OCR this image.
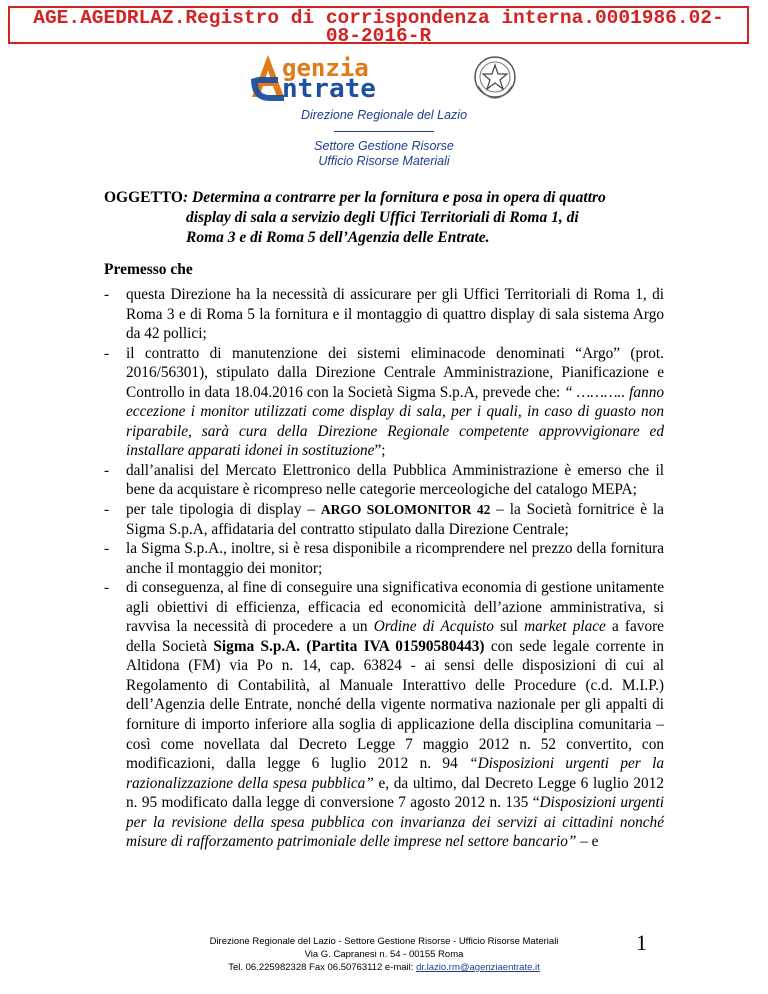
AGE.AGEDRLAZ.Registro di corrispondenza interna.0001986.02-
08-2016-R
genzia
ntrate
Direzione Regionale del Lazio
Settore Gestione Risorse
Ufficio Risorse Materiali
OGGETTO: Determina a contrarre per la fornitura e posa in opera di quattro
display di sala a servizio degli Uffici Territoriali di Roma 1, di
Roma 3 e di Roma 5 dell’Agenzia delle Entrate.
Premesso che
- questa Direzione ha la necessità di assicurare per gli Uffici Territoriali di Roma 1, di Roma 3 e di Roma 5 la fornitura e il montaggio di quattro display di sala sistema Argo da 42 pollici;

- il contratto di manutenzione dei sistemi eliminacode denominati “Argo” (prot. 2016/56301), stipulato dalla Direzione Centrale Amministrazione, Pianificazione e Controllo in data 18.04.2016 con la Società Sigma S.p.A, prevede che: “ ……….. fanno eccezione i monitor utilizzati come display di sala, per i quali, in caso di guasto non riparabile, sarà cura della Direzione Regionale competente approvvigionare ed installare apparati idonei in sostituzione”;

- dall’analisi del Mercato Elettronico della Pubblica Amministrazione è emerso che il bene da acquistare è ricompreso nelle categorie merceologiche del catalogo MEPA;

- per tale tipologia di display – ARGO SOLOMONITOR 42 – la Società fornitrice è la Sigma S.p.A, affidataria del contratto stipulato dalla Direzione Centrale;

- la Sigma S.p.A., inoltre, si è resa disponibile a ricomprendere nel prezzo della fornitura anche il montaggio dei monitor;

- di conseguenza, al fine di conseguire una significativa economia di gestione unitamente agli obiettivi di efficienza, efficacia ed economicità dell’azione amministrativa, si ravvisa la necessità di procedere a un Ordine di Acquisto sul market place a favore della Società Sigma S.p.A. (Partita IVA 01590580443) con sede legale corrente in Altidona (FM) via Po n. 14, cap. 63824 - ai sensi delle disposizioni di cui al Regolamento di Contabilità, al Manuale Interattivo delle Procedure (c.d. M.I.P.) dell’Agenzia delle Entrate, nonché della vigente normativa nazionale per gli appalti di forniture di importo inferiore alla soglia di applicazione della disciplina comunitaria – così come novellata dal Decreto Legge 7 maggio 2012 n. 52 convertito, con modificazioni, dalla legge 6 luglio 2012 n. 94 “Disposizioni urgenti per la razionalizzazione della spesa pubblica” e, da ultimo, dal Decreto Legge 6 luglio 2012 n. 95 modificato dalla legge di conversione 7 agosto 2012 n. 135 “Disposizioni urgenti per la revisione della spesa pubblica con invarianza dei servizi ai cittadini nonché misure di rafforzamento patrimoniale delle imprese nel settore bancario” – e

Direzione Regionale del Lazio - Settore Gestione Risorse - Ufficio Risorse Materiali
Via G. Capranesi n. 54 - 00155 Roma
Tel. 06.225982328 Fax 06.50763112 e-mail: dr.lazio.rm@agenziaentrate.it
1
